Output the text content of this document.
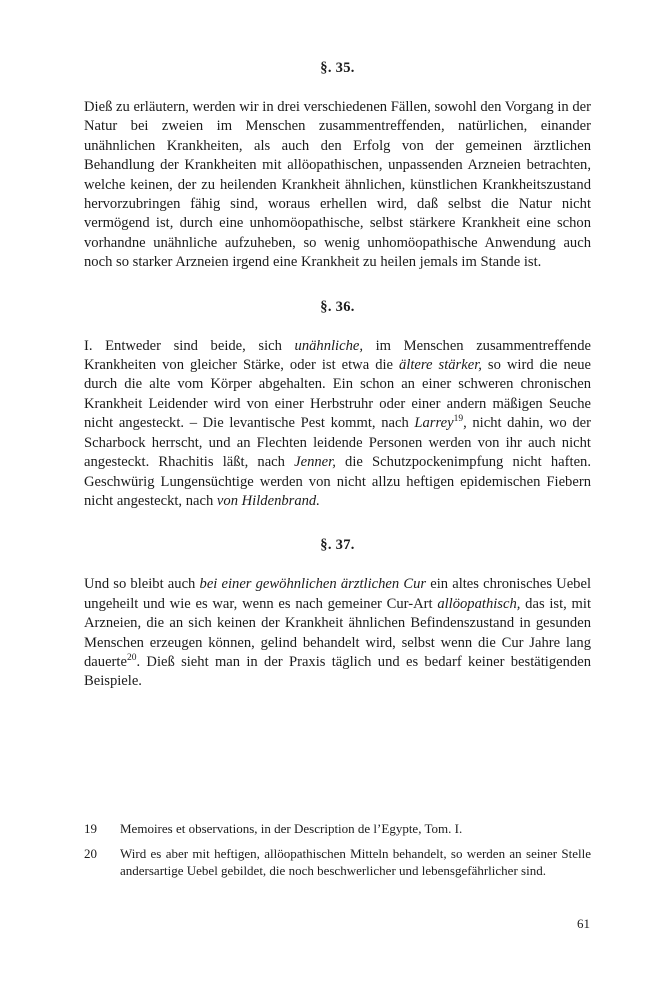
§. 35.

Dieß zu erläutern, werden wir in drei verschiedenen Fällen, sowohl den Vorgang in der Natur bei zweien im Menschen zusammentreffenden, natürlichen, einander unähnlichen Krankheiten, als auch den Erfolg von der gemeinen ärztlichen Behandlung der Krankheiten mit allöopathischen, unpassenden Arzneien betrachten, welche keinen, der zu heilenden Krankheit ähnlichen, künstlichen Krankheitszustand hervorzubringen fähig sind, woraus erhellen wird, daß selbst die Natur nicht vermögend ist, durch eine unhomöopathische, selbst stärkere Krankheit eine schon vorhandne unähnliche aufzuheben, so wenig unhomöopathische Anwendung auch noch so starker Arzneien irgend eine Krankheit zu heilen jemals im Stande ist.

§. 36.

I. Entweder sind beide, sich unähnliche, im Menschen zusammentreffende Krankheiten von gleicher Stärke, oder ist etwa die ältere stärker, so wird die neue durch die alte vom Körper abgehalten. Ein schon an einer schweren chronischen Krankheit Leidender wird von einer Herbstruhr oder einer andern mäßigen Seuche nicht angesteckt. – Die levantische Pest kommt, nach Larrey$^{19}$, nicht dahin, wo der Scharbock herrscht, und an Flechten leidende Personen werden von ihr auch nicht angesteckt. Rhachitis läßt, nach Jenner, die Schutzpockenimpfung nicht haften. Geschwürig Lungensüchtige werden von nicht allzu heftigen epidemischen Fiebern nicht angesteckt, nach von Hildenbrand.

§. 37.

Und so bleibt auch bei einer gewöhnlichen ärztlichen Cur ein altes chronisches Uebel ungeheilt und wie es war, wenn es nach gemeiner Cur-Art allöopathisch, das ist, mit Arzneien, die an sich keinen der Krankheit ähnlichen Befindenszustand in gesunden Menschen erzeugen können, gelind behandelt wird, selbst wenn die Cur Jahre lang dauerte$^{20}$. Dieß sieht man in der Praxis täglich und es bedarf keiner bestätigenden Beispiele.

19	Memoires et observations, in der Description de l’Egypte, Tom. I.
20	Wird es aber mit heftigen, allöopathischen Mitteln behandelt, so werden an seiner Stelle andersartige Uebel gebildet, die noch beschwerlicher und lebensgefährlicher sind.
61
